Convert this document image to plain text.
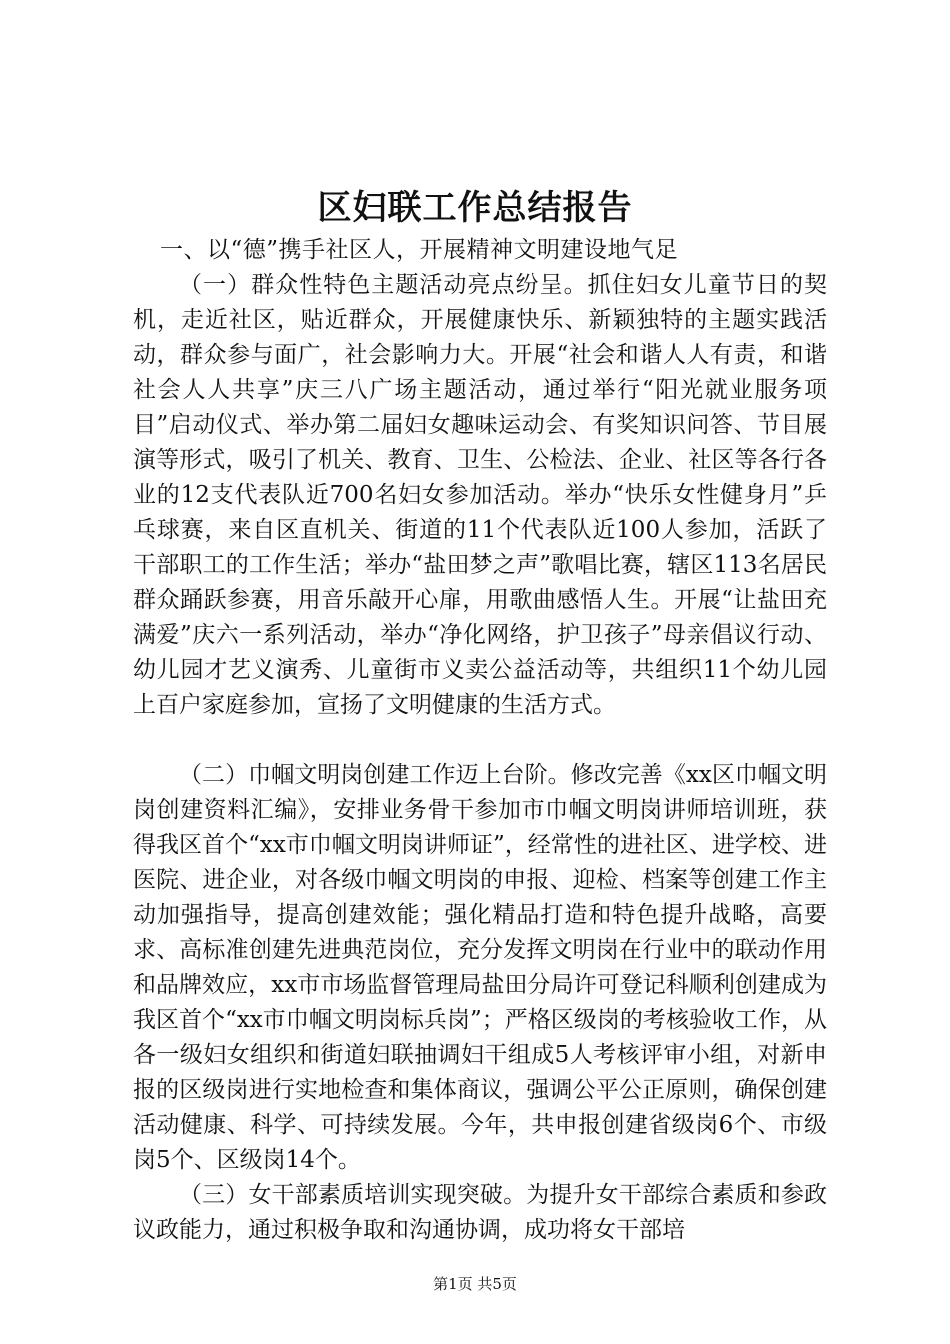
区妇联工作总结报告

一、以“德”携手社区人，开展精神文明建设地气足

（一）群众性特色主题活动亮点纷呈。抓住妇女儿童节日的契机，走近社区，贴近群众，开展健康快乐、新颖独特的主题实践活动，群众参与面广，社会影响力大。开展“社会和谐人人有责，和谐社会人人共享”庆三八广场主题活动，通过举行“阳光就业服务项目”启动仪式、举办第二届妇女趣味运动会、有奖知识问答、节目展演等形式，吸引了机关、教育、卫生、公检法、企业、社区等各行各业的12支代表队近700名妇女参加活动。举办“快乐女性健身月”乒乓球赛，来自区直机关、街道的11个代表队近100人参加，活跃了干部职工的工作生活；举办“盐田梦之声”歌唱比赛，辖区113名居民群众踊跃参赛，用音乐敲开心扉，用歌曲感悟人生。开展“让盐田充满爱”庆六一系列活动，举办“净化网络，护卫孩子”母亲倡议行动、幼儿园才艺义演秀、儿童街市义卖公益活动等，共组织11个幼儿园上百户家庭参加，宣扬了文明健康的生活方式。

（二）巾帼文明岗创建工作迈上台阶。修改完善《xx区巾帼文明岗创建资料汇编》，安排业务骨干参加市巾帼文明岗讲师培训班，获得我区首个“xx市巾帼文明岗讲师证”，经常性的进社区、进学校、进医院、进企业，对各级巾帼文明岗的申报、迎检、档案等创建工作主动加强指导，提高创建效能；强化精品打造和特色提升战略，高要求、高标准创建先进典范岗位，充分发挥文明岗在行业中的联动作用和品牌效应，xx市市场监督管理局盐田分局许可登记科顺利创建成为我区首个“xx市巾帼文明岗标兵岗”；严格区级岗的考核验收工作，从各一级妇女组织和街道妇联抽调妇干组成5人考核评审小组，对新申报的区级岗进行实地检查和集体商议，强调公平公正原则，确保创建活动健康、科学、可持续发展。今年，共申报创建省级岗6个、市级岗5个、区级岗14个。

（三）女干部素质培训实现突破。为提升女干部综合素质和参政议政能力，通过积极争取和沟通协调，成功将女干部培

第1页 共5页
